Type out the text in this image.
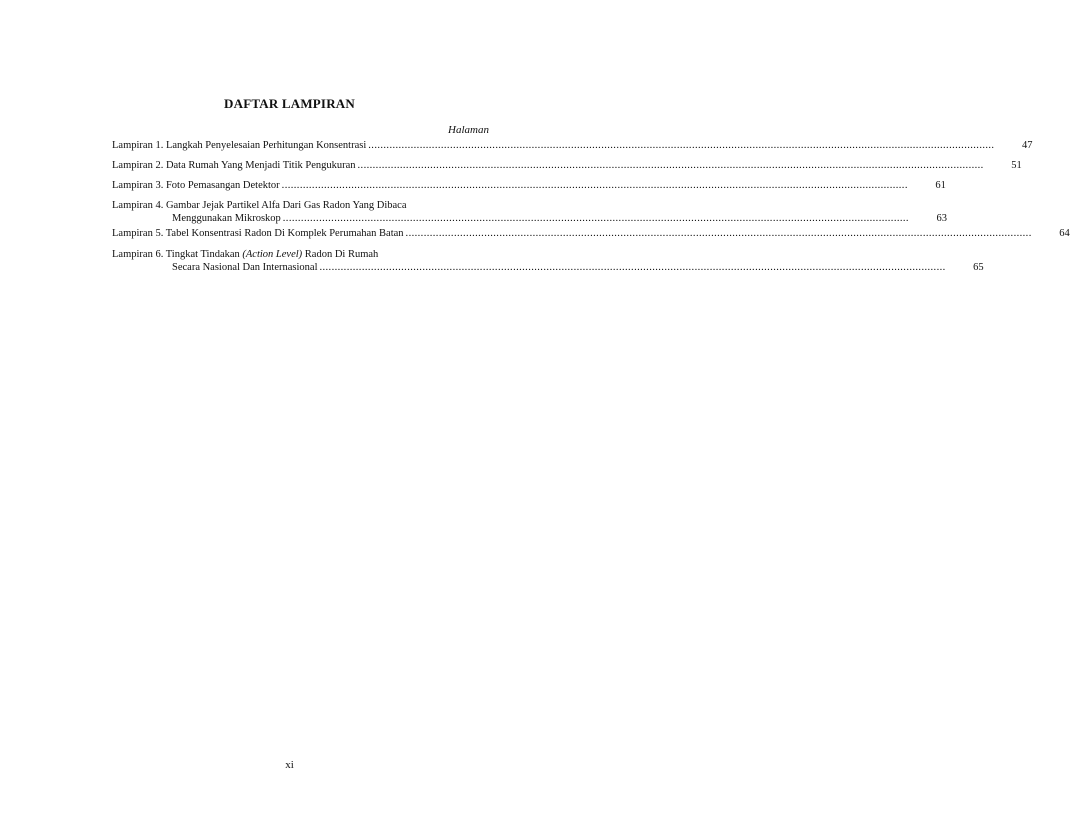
DAFTAR LAMPIRAN
Halaman
Lampiran 1. Langkah Penyelesaian Perhitungan Konsentrasi .....	47
Lampiran 2. Data Rumah Yang Menjadi Titik Pengukuran .....	51
Lampiran 3. Foto Pemasangan Detektor .....	61
Lampiran 4. Gambar Jejak Partikel Alfa Dari Gas Radon Yang Dibaca
Menggunakan Mikroskop .....	63
Lampiran 5. Tabel Konsentrasi Radon Di Komplek Perumahan Batan .....	64
Lampiran 6. Tingkat Tindakan (Action Level) Radon Di Rumah
Secara Nasional Dan Internasional .....	65
xi
